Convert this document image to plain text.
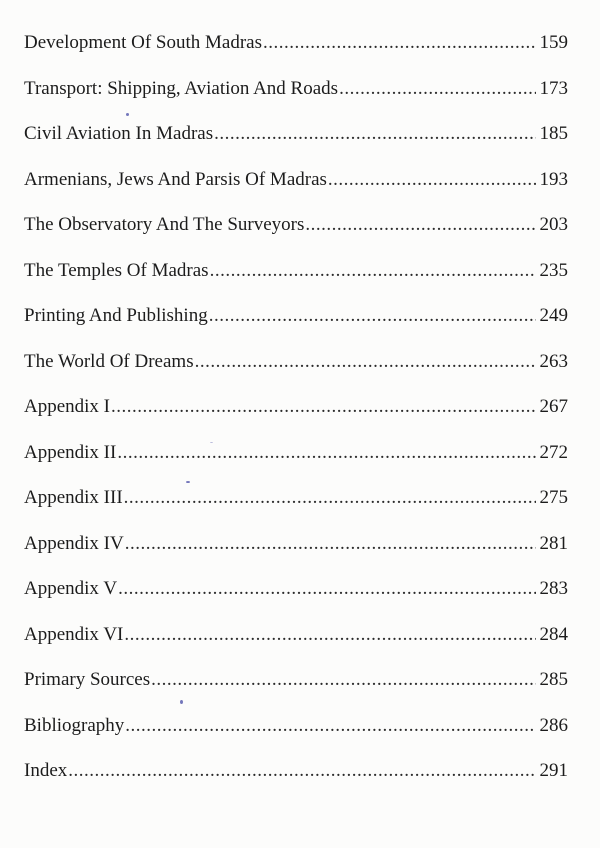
Development Of South Madras .....	159
Transport: Shipping, Aviation And Roads .....	173
Civil Aviation In Madras .....	185
Armenians, Jews And Parsis Of Madras .....	193
The Observatory And The Surveyors .....	203
The Temples Of Madras .....	235
Printing And Publishing .....	249
The World Of Dreams .....	263
Appendix I .....	267
Appendix II .....	272
Appendix III .....	275
Appendix IV .....	281
Appendix V .....	283
Appendix VI .....	284
Primary Sources .....	285
Bibliography .....	286
Index .....	291
